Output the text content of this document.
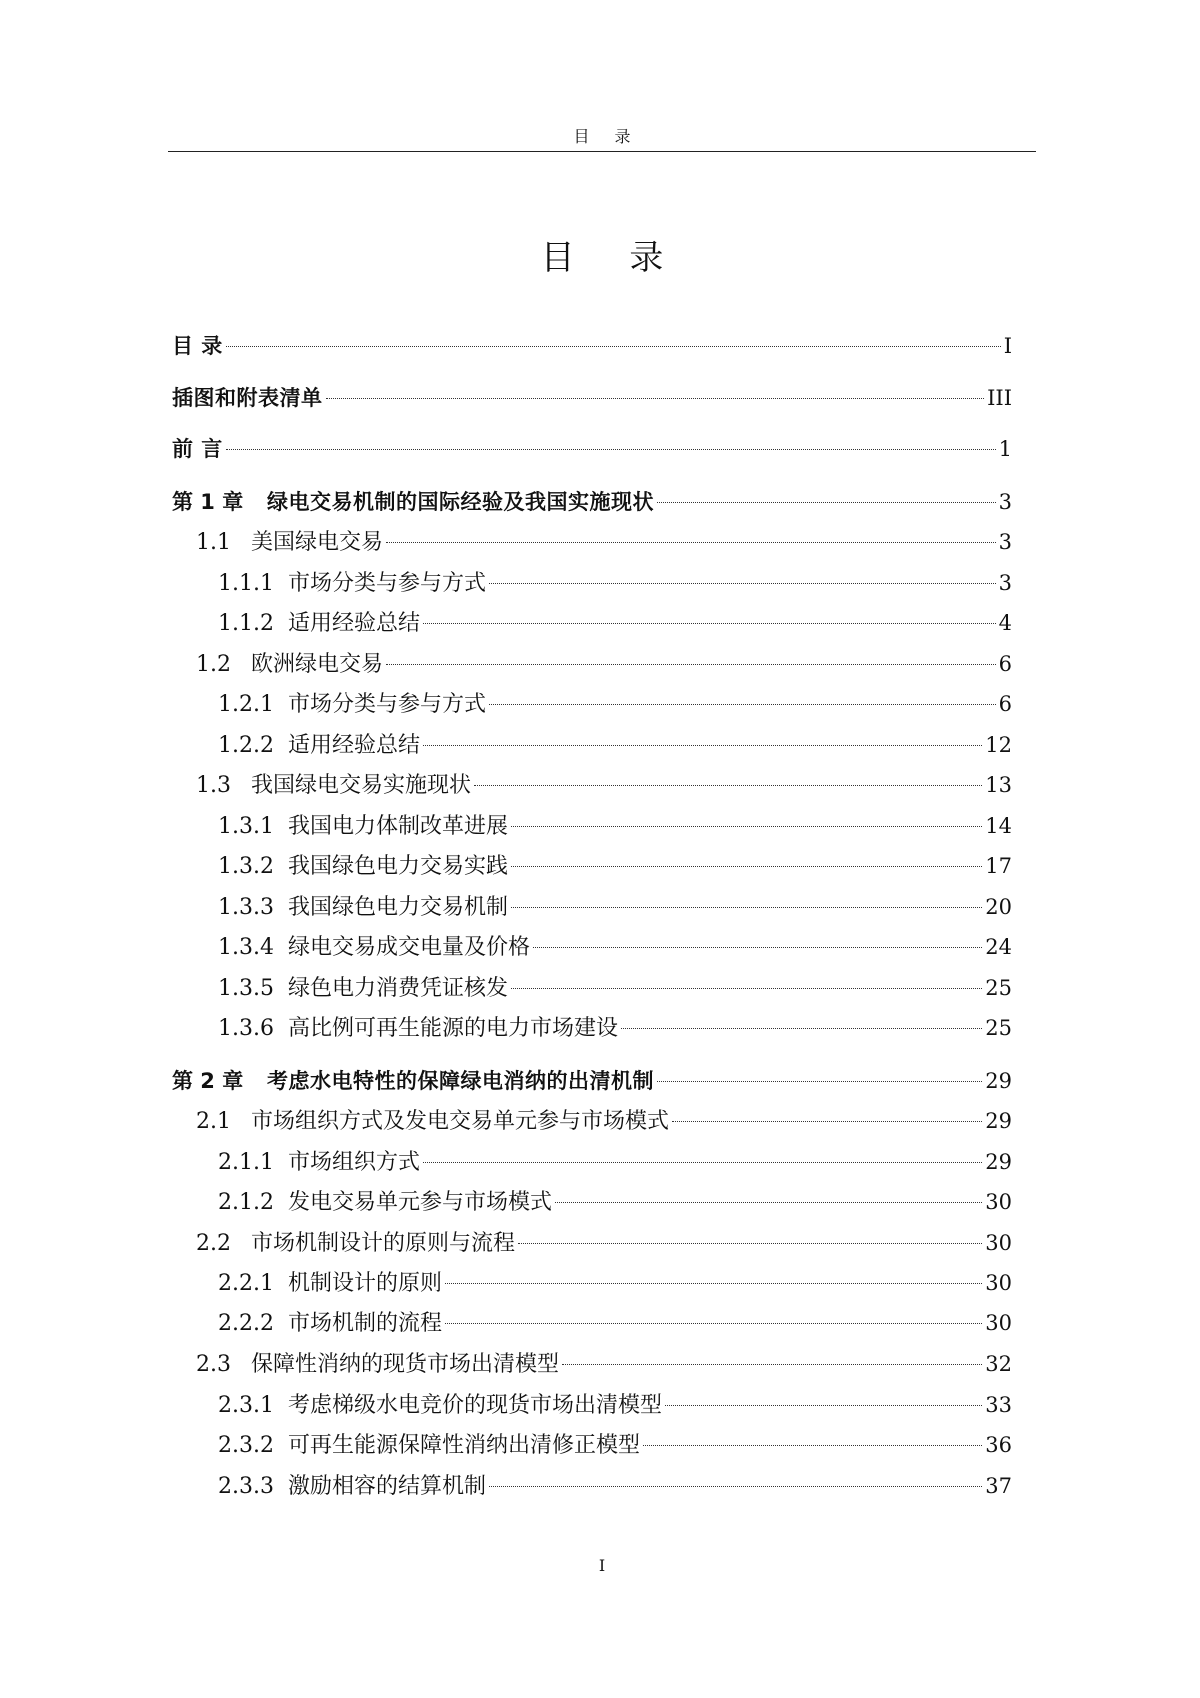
目 录
目 录
目 录	I
插图和附表清单	III
前 言	1
第 1 章	绿电交易机制的国际经验及我国实施现状	3
1.1 美国绿电交易	3
1.1.1 市场分类与参与方式	3
1.1.2 适用经验总结	4
1.2 欧洲绿电交易	6
1.2.1 市场分类与参与方式	6
1.2.2 适用经验总结	12
1.3 我国绿电交易实施现状	13
1.3.1 我国电力体制改革进展	14
1.3.2 我国绿色电力交易实践	17
1.3.3 我国绿色电力交易机制	20
1.3.4 绿电交易成交电量及价格	24
1.3.5 绿色电力消费凭证核发	25
1.3.6 高比例可再生能源的电力市场建设	25
第 2 章	考虑水电特性的保障绿电消纳的出清机制	29
2.1 市场组织方式及发电交易单元参与市场模式	29
2.1.1 市场组织方式	29
2.1.2 发电交易单元参与市场模式	30
2.2 市场机制设计的原则与流程	30
2.2.1 机制设计的原则	30
2.2.2 市场机制的流程	30
2.3 保障性消纳的现货市场出清模型	32
2.3.1 考虑梯级水电竞价的现货市场出清模型	33
2.3.2 可再生能源保障性消纳出清修正模型	36
2.3.3 激励相容的结算机制	37
I
